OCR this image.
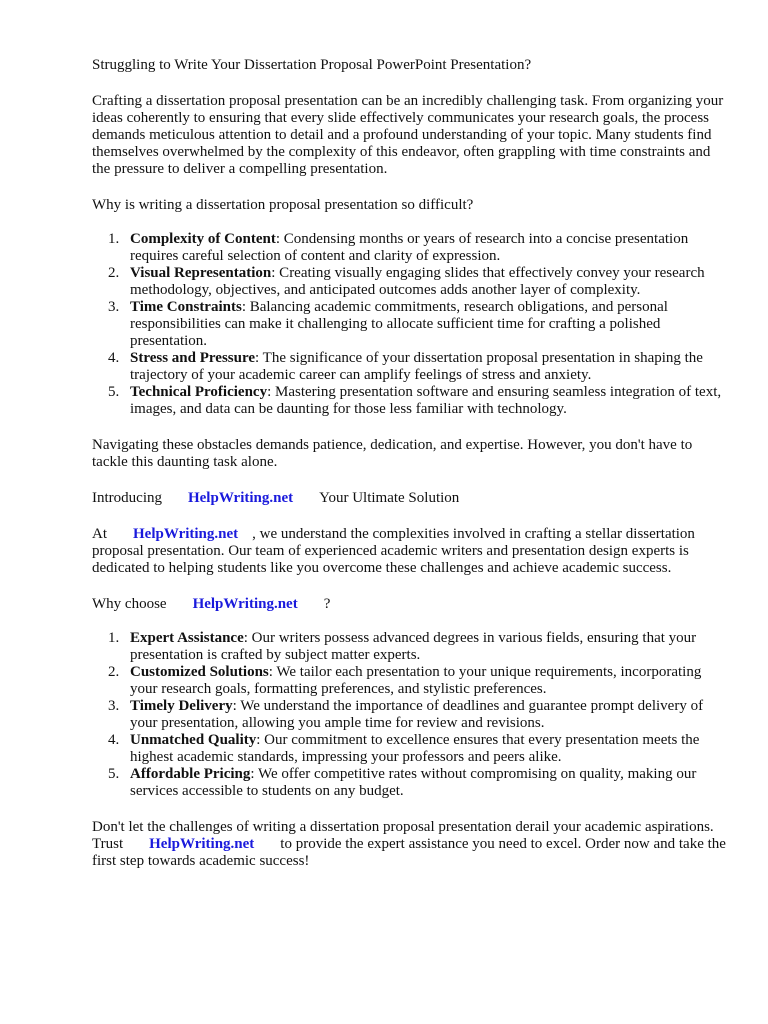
Struggling to Write Your Dissertation Proposal PowerPoint Presentation?

Crafting a dissertation proposal presentation can be an incredibly challenging task. From organizing your ideas coherently to ensuring that every slide effectively communicates your research goals, the process demands meticulous attention to detail and a profound understanding of your topic. Many students find themselves overwhelmed by the complexity of this endeavor, often grappling with time constraints and the pressure to deliver a compelling presentation.

Why is writing a dissertation proposal presentation so difficult?

1. Complexity of Content: Condensing months or years of research into a concise presentation requires careful selection of content and clarity of expression.
2. Visual Representation: Creating visually engaging slides that effectively convey your research methodology, objectives, and anticipated outcomes adds another layer of complexity.
3. Time Constraints: Balancing academic commitments, research obligations, and personal responsibilities can make it challenging to allocate sufficient time for crafting a polished presentation.
4. Stress and Pressure: The significance of your dissertation proposal presentation in shaping the trajectory of your academic career can amplify feelings of stress and anxiety.
5. Technical Proficiency: Mastering presentation software and ensuring seamless integration of text, images, and data can be daunting for those less familiar with technology.

Navigating these obstacles demands patience, dedication, and expertise. However, you don't have to tackle this daunting task alone.

Introducing HelpWriting.net Your Ultimate Solution

At HelpWriting.net , we understand the complexities involved in crafting a stellar dissertation proposal presentation. Our team of experienced academic writers and presentation design experts is dedicated to helping students like you overcome these challenges and achieve academic success.

Why choose HelpWriting.net ?

1. Expert Assistance: Our writers possess advanced degrees in various fields, ensuring that your presentation is crafted by subject matter experts.
2. Customized Solutions: We tailor each presentation to your unique requirements, incorporating your research goals, formatting preferences, and stylistic preferences.
3. Timely Delivery: We understand the importance of deadlines and guarantee prompt delivery of your presentation, allowing you ample time for review and revisions.
4. Unmatched Quality: Our commitment to excellence ensures that every presentation meets the highest academic standards, impressing your professors and peers alike.
5. Affordable Pricing: We offer competitive rates without compromising on quality, making our services accessible to students on any budget.

Don't let the challenges of writing a dissertation proposal presentation derail your academic aspirations. Trust HelpWriting.net to provide the expert assistance you need to excel. Order now and take the first step towards academic success!
